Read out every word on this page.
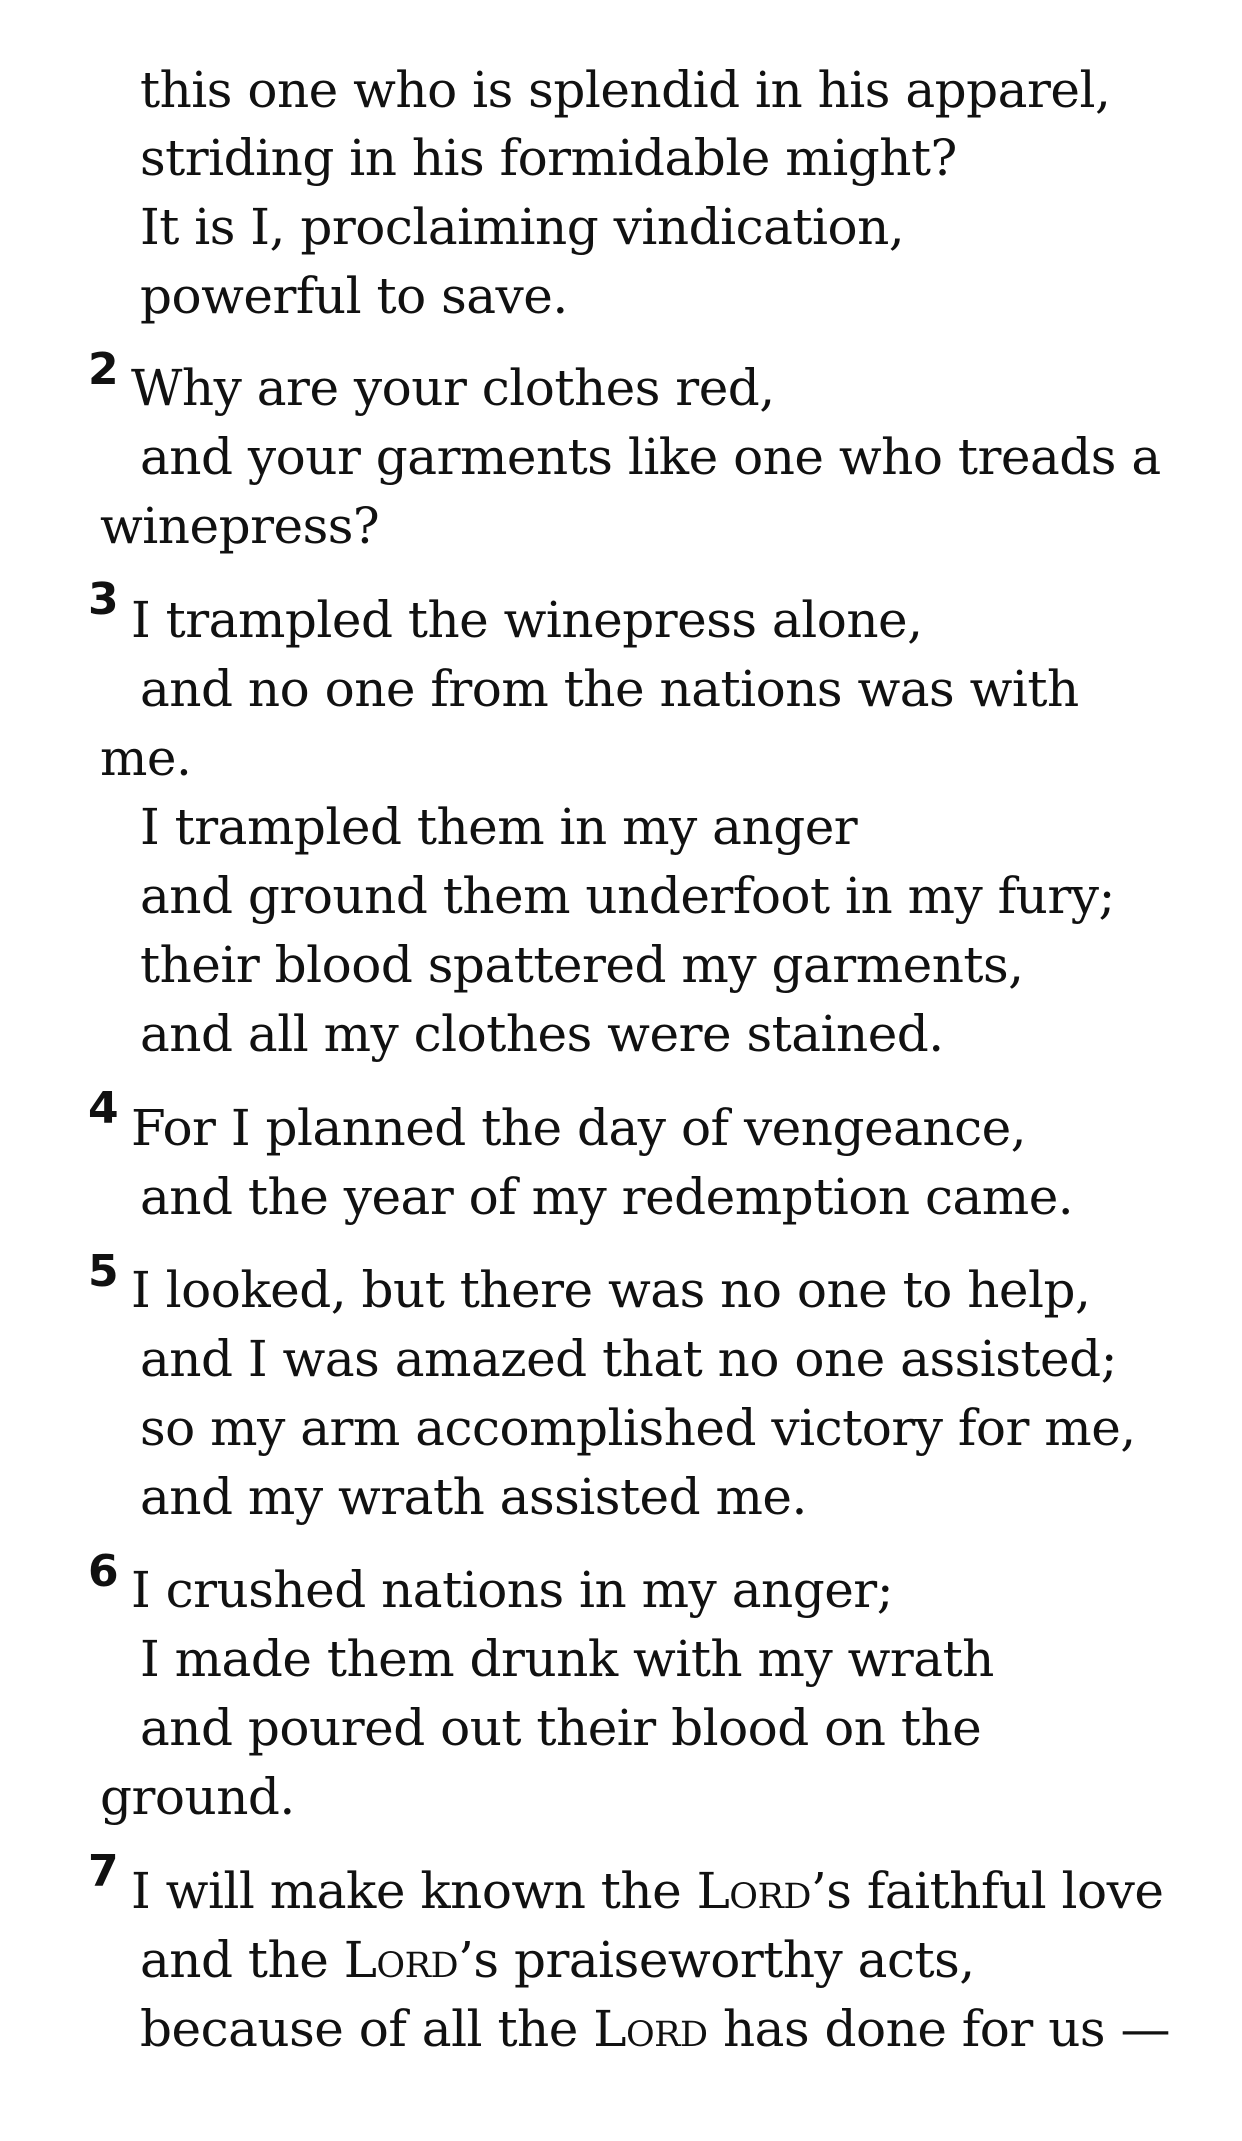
this one who is splendid in his apparel,
striding in his formidable might?
It is I, proclaiming vindication,
powerful to save.
2 Why are your clothes red,
and your garments like one who treads a
winepress?
3 I trampled the winepress alone,
and no one from the nations was with
me.
I trampled them in my anger
and ground them underfoot in my fury;
their blood spattered my garments,
and all my clothes were stained.
4 For I planned the day of vengeance,
and the year of my redemption came.
5 I looked, but there was no one to help,
and I was amazed that no one assisted;
so my arm accomplished victory for me,
and my wrath assisted me.
6 I crushed nations in my anger;
I made them drunk with my wrath
and poured out their blood on the
ground.
7 I will make known the Lord’s faithful love
and the Lord’s praiseworthy acts,
because of all the Lord has done for us —
